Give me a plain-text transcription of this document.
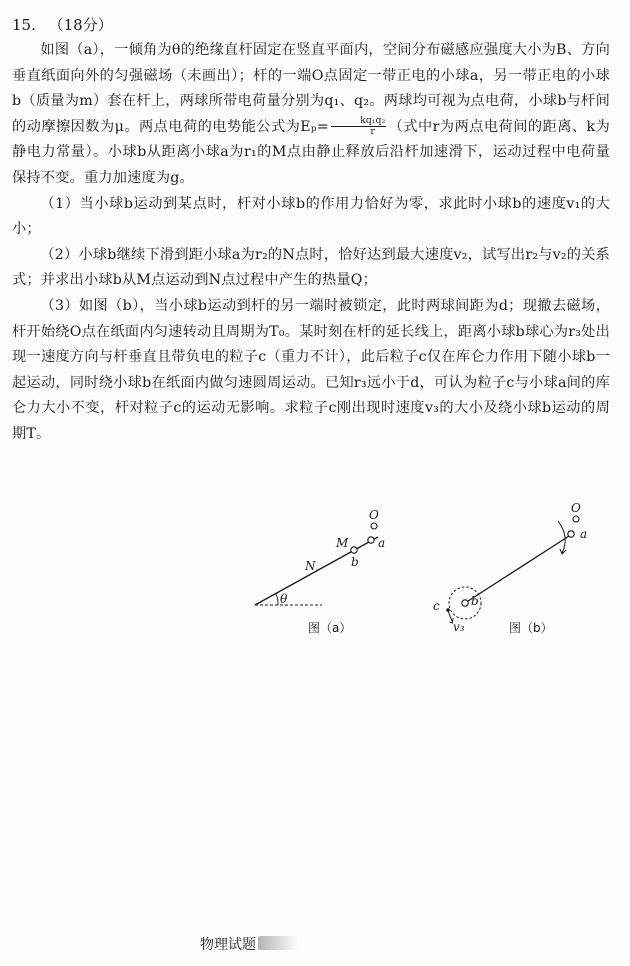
15. （18分）

如图（a），一倾角为θ的绝缘直杆固定在竖直平面内，空间分布磁感应强度大小为B、方向垂直纸面向外的匀强磁场（未画出）；杆的一端O点固定一带正电的小球a，另一带正电的小球b（质量为m）套在杆上，两球所带电荷量分别为q₁、q₂。两球均可视为点电荷，小球b与杆间的动摩擦因数为μ。两点电荷的电势能公式为$E_p= \frac{\text{kq₁q₂}}{r}$ （式中r为两点电荷间的距离、k为静电力常量）。小球b从距离小球a为r₁的M点由静止释放后沿杆加速滑下，运动过程中电荷量保持不变。重力加速度为g。

（1）当小球b运动到某点时，杆对小球b的作用力恰好为零，求此时小球b的速度v₁的大小；

（2）小球b继续下滑到距小球a为r₂的N点时，恰好达到最大速度v₂，试写出r₂与v₂的关系式；并求出小球b从M点运动到N点过程中产生的热量Q；

（3）如图（b），当小球b运动到杆的另一端时被锁定，此时两球间距为d；现撤去磁场，杆开始绕O点在纸面内匀速转动且周期为T₀。某时刻在杆的延长线上，距离小球b球心为r₃处出现一速度方向与杆垂直且带负电的粒子c（重力不计），此后粒子c仅在库仑力作用下随小球b一起运动，同时绕小球b在纸面内做匀速圆周运动。已知r₃远小于d，可认为粒子c与小球a间的库仑力大小不变，杆对粒子c的运动无影响。求粒子c刚出现时速度v₃的大小及绕小球b运动的周期T。

θ
N
M
b
a
O
图（a）
b
a
O
c
v₃	图（b）
物理试题
